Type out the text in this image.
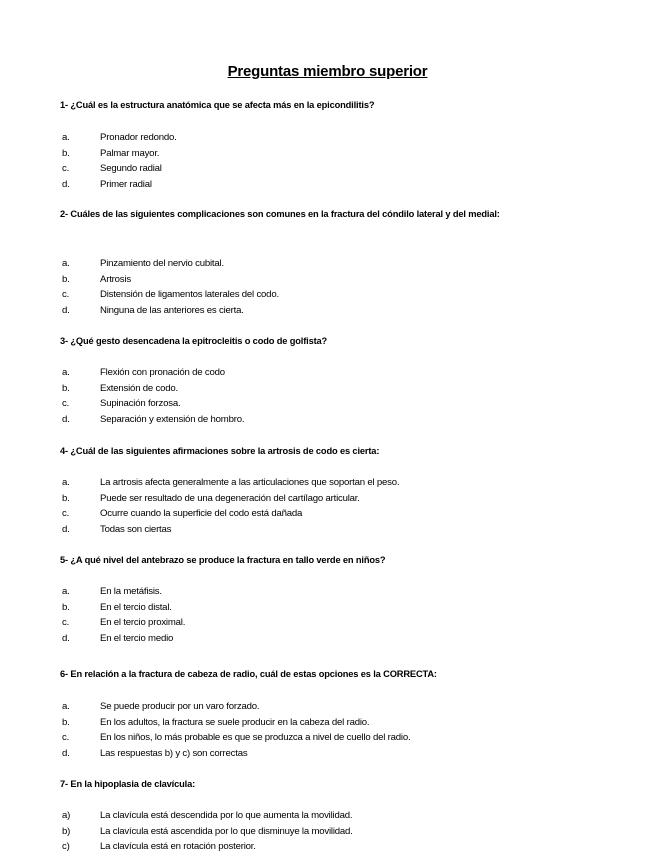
Preguntas miembro superior
1- ¿Cuál es la estructura anatómica que se afecta más en la epicondilitis?
a.	Pronador redondo.
b.	Palmar mayor.
c.	Segundo radial
d.	Primer radial
2- Cuáles de las siguientes complicaciones son comunes en la fractura del cóndilo lateral y del medial:
a.	Pinzamiento del nervio cubital.
b.	Artrosis
c.	Distensión de ligamentos laterales del codo.
d.	Ninguna de las anteriores es cierta.
3- ¿Qué gesto desencadena la epitrocleitis o codo de golfista?
a.	Flexión con pronación de codo
b.	Extensión de codo.
c.	Supinación forzosa.
d.	Separación y extensión de hombro.
4- ¿Cuál de las siguientes afirmaciones sobre la artrosis de codo es cierta:
a.	La artrosis afecta generalmente a las articulaciones que soportan el peso.
b.	Puede ser resultado de una degeneración del cartílago articular.
c.	Ocurre cuando la superficie del codo está dañada
d.	Todas son ciertas
5- ¿A qué nivel del antebrazo se produce la fractura en tallo verde en niños?
a.	En la metáfisis.
b.	En el tercio distal.
c.	En el tercio proximal.
d.	En el tercio medio
6- En relación a la fractura de cabeza de radio, cuál de estas opciones es la CORRECTA:
a.	Se puede producir por un varo forzado.
b.	En los adultos, la fractura se suele producir en la cabeza del radio.
c.	En los niños, lo más probable es que se produzca a nivel de cuello del radio.
d.	Las respuestas b) y c) son correctas
7- En la hipoplasia de clavícula:
a)	La clavícula está descendida por lo que aumenta la movilidad.
b)	La clavícula está ascendida por lo que disminuye la movilidad.
c)	La clavícula está en rotación posterior.
